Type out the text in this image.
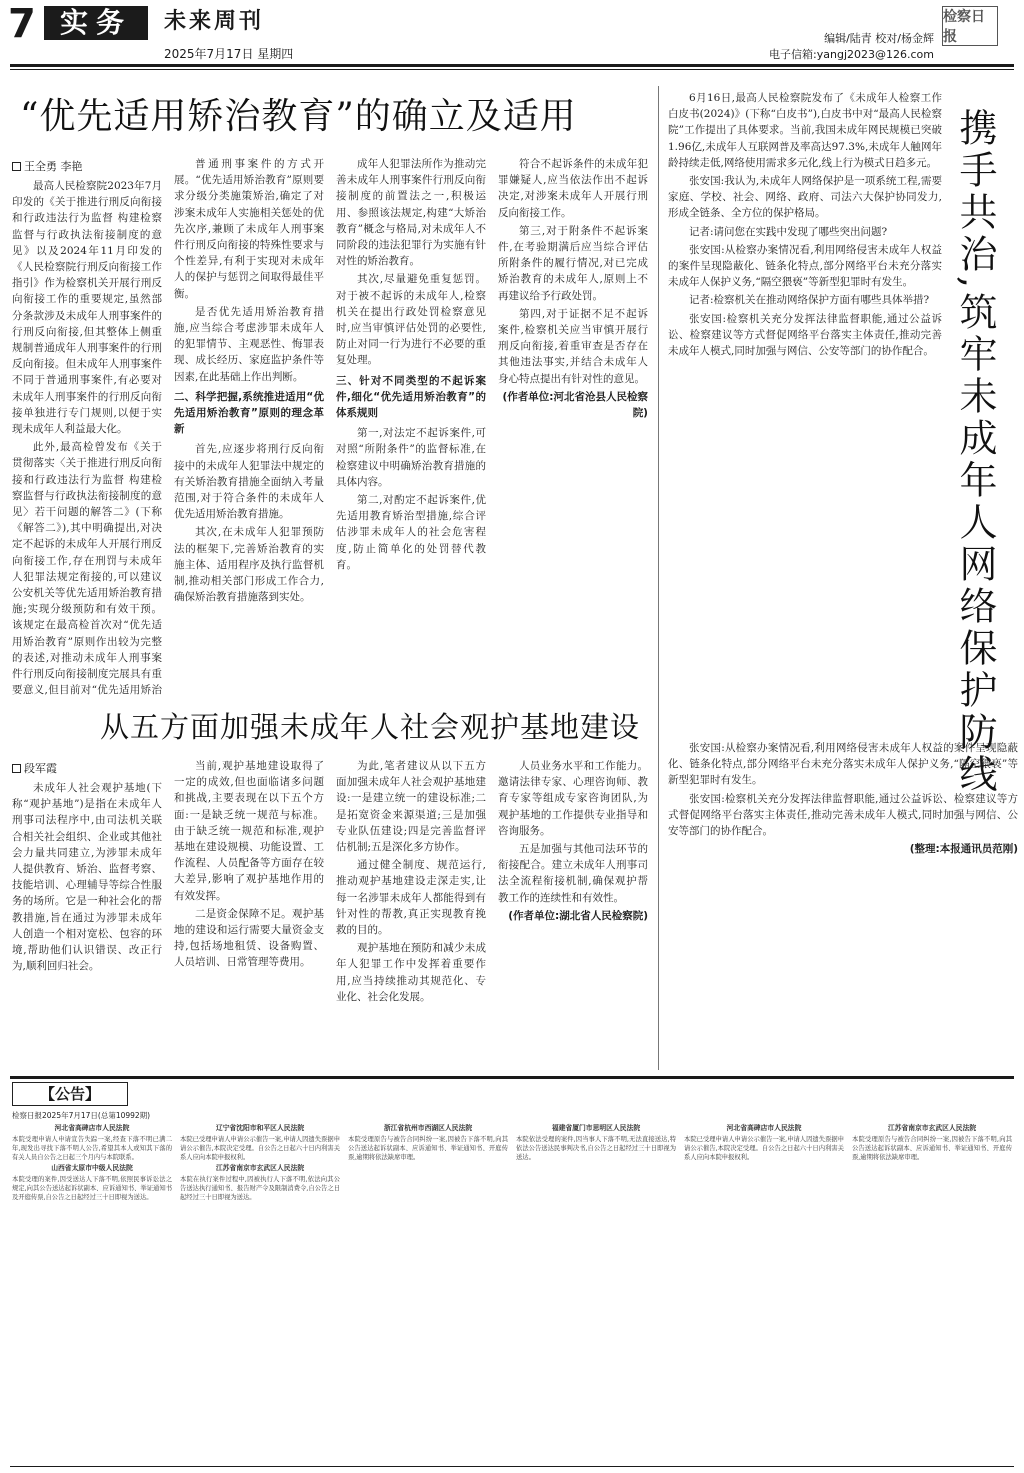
7 实务	未来周刊
2025年7月17日 星期四
编辑/陆青 校对/杨金辉
电子信箱:yangj2023@126.com
检察日报
“优先适用矫治教育”的确立及适用
王全勇 李艳

最高人民检察院2023年7月印发的《关于推进行刑反向衔接和行政违法行为监督 构建检察监督与行政执法衔接制度的意见》以及2024年11月印发的《人民检察院行刑反向衔接工作指引》作为检察机关开展行刑反向衔接工作的重要规定,虽然部分条款涉及未成年人刑事案件的行刑反向衔接,但其整体上侧重规制普通成年人刑事案件的行刑反向衔接。但未成年人刑事案件不同于普通刑事案件,有必要对未成年人刑事案件的行刑反向衔接单独进行专门规则,以便于实现未成年人利益最大化。

此外,最高检曾发布《关于贯彻落实〈关于推进行刑反向衔接和行政违法行为监督 构建检察监督与行政执法衔接制度的意见〉若干问题的解答二》(下称《解答二》),其中明确提出,对决定不起诉的未成年人开展行刑反向衔接工作,存在刑罚与未成年人犯罪法规定衔接的,可以建议公安机关等优先适用矫治教育措施;实现分级预防和有效干预。该规定在最高检首次对“优先适用矫治教育”原则作出较为完整的表述,对推动未成年人刑事案件行刑反向衔接制度完展具有重要意义,但目前对“优先适用矫治

普通刑事案件的方式开展。“优先适用矫治教育”原则要求分级分类施策矫治,确定了对涉案未成年人实施相关惩处的优先次序,兼顾了未成年人刑事案件行刑反向衔接的特殊性要求与个性差异,有利于实现对未成年人的保护与惩罚之间取得最佳平衡。

是否优先适用矫治教育措施,应当综合考虑涉罪未成年人的犯罪情节、主观恶性、悔罪表现、成长经历、家庭监护条件等因素,在此基础上作出判断。

二、科学把握,系统推进适用“优先适用矫治教育”原则的理念革新

首先,应逐步将刑行反向衔接中的未成年人犯罪法中规定的有关矫治教育措施全面纳入考量范围,对于符合条件的未成年人优先适用矫治教育措施。

其次,在未成年人犯罪预防法的框架下,完善矫治教育的实施主体、适用程序及执行监督机制,推动相关部门形成工作合力,确保矫治教育措施落到实处。

成年人犯罪法所作为推动完善未成年人刑事案件行刑反向衔接制度的前置法之一,积极运用、参照该法规定,构建“大矫治教育”概念与格局,对未成年人不同阶段的违法犯罪行为实施有针对性的矫治教育。

其次,尽量避免重复惩罚。对于被不起诉的未成年人,检察机关在提出行政处罚检察意见时,应当审慎评估处罚的必要性,防止对同一行为进行不必要的重复处理。

三、针对不同类型的不起诉案件,细化“优先适用矫治教育”的体系规则

第一,对法定不起诉案件,可对照“所附条件”的监督标准,在检察建议中明确矫治教育措施的具体内容。

第二,对酌定不起诉案件,优先适用教育矫治型措施,综合评估涉罪未成年人的社会危害程度,防止简单化的处罚替代教育。

符合不起诉条件的未成年犯罪嫌疑人,应当依法作出不起诉决定,对涉案未成年人开展行刑反向衔接工作。

第三,对于附条件不起诉案件,在考验期满后应当综合评估所附条件的履行情况,对已完成矫治教育的未成年人,原则上不再建议给予行政处罚。

第四,对于证据不足不起诉案件,检察机关应当审慎开展行刑反向衔接,着重审查是否存在其他违法事实,并结合未成年人身心特点提出有针对性的意见。

(作者单位:河北省沧县人民检察院)

6月16日,最高人民检察院发布了《未成年人检察工作白皮书(2024)》(下称“白皮书”),白皮书中对“最高人民检察院”工作提出了具体要求。当前,我国未成年网民规模已突破1.96亿,未成年人互联网普及率高达97.3%,未成年人触网年龄持续走低,网络使用需求多元化,线上行为模式日趋多元。

张安国:我认为,未成年人网络保护是一项系统工程,需要家庭、学校、社会、网络、政府、司法六大保护协同发力,形成全链条、全方位的保护格局。

记者:请问您在实践中发现了哪些突出问题?

张安国:从检察办案情况看,利用网络侵害未成年人权益的案件呈现隐蔽化、链条化特点,部分网络平台未充分落实未成年人保护义务,“隔空猥亵”等新型犯罪时有发生。

记者:检察机关在推动网络保护方面有哪些具体举措?

张安国:检察机关充分发挥法律监督职能,通过公益诉讼、检察建议等方式督促网络平台落实主体责任,推动完善未成年人模式,同时加强与网信、公安等部门的协作配合。 携手共治,筑牢未成年人网络保护防线

张安国:从检察办案情况看,利用网络侵害未成年人权益的案件呈现隐蔽化、链条化特点,部分网络平台未充分落实未成年人保护义务,“隔空猥亵”等新型犯罪时有发生。

张安国:检察机关充分发挥法律监督职能,通过公益诉讼、检察建议等方式督促网络平台落实主体责任,推动完善未成年人模式,同时加强与网信、公安等部门的协作配合。

(整理:本报通讯员范刚)

从五方面加强未成年人社会观护基地建设
段军霞

未成年人社会观护基地(下称“观护基地”)是指在未成年人刑事司法程序中,由司法机关联合相关社会组织、企业或其他社会力量共同建立,为涉罪未成年人提供教育、矫治、监督考察、技能培训、心理辅导等综合性服务的场所。它是一种社会化的帮教措施,旨在通过为涉罪未成年人创造一个相对宽松、包容的环境,帮助他们认识错误、改正行为,顺利回归社会。

当前,观护基地建设取得了一定的成效,但也面临诸多问题和挑战,主要表现在以下五个方面:一是缺乏统一规范与标准。由于缺乏统一规范和标准,观护基地在建设规模、功能设置、工作流程、人员配备等方面存在较大差异,影响了观护基地作用的有效发挥。

二是资金保障不足。观护基地的建设和运行需要大量资金支持,包括场地租赁、设备购置、人员培训、日常管理等费用。

为此,笔者建议从以下五方面加强未成年人社会观护基地建设:一是建立统一的建设标准;二是拓宽资金来源渠道;三是加强专业队伍建设;四是完善监督评估机制;五是深化多方协作。

通过健全制度、规范运行,推动观护基地建设走深走实,让每一名涉罪未成年人都能得到有针对性的帮教,真正实现教育挽救的目的。

观护基地在预防和减少未成年人犯罪工作中发挥着重要作用,应当持续推动其规范化、专业化、社会化发展。

人员业务水平和工作能力。邀请法律专家、心理咨询师、教育专家等组成专家咨询团队,为观护基地的工作提供专业指导和咨询服务。

五是加强与其他司法环节的衔接配合。建立未成年人刑事司法全流程衔接机制,确保观护帮教工作的连续性和有效性。

(作者单位:湖北省人民检察院)

【公告】
检察日报2025年7月17日(总第10992期)
河北省高碑店市人民法院
本院受理申请人申请宣告失踪一案,经查下落不明已满二年,现发出寻找下落不明人公告,希望其本人或知其下落的有关人员自公告之日起三个月内与本院联系。
山西省太原市中级人民法院
本院受理的案件,因受送达人下落不明,依照民事诉讼法之规定,向其公告送达起诉状副本、应诉通知书、举证通知书及开庭传票,自公告之日起经过三十日即视为送达。
辽宁省沈阳市和平区人民法院
本院已受理申请人申请公示催告一案,申请人因遗失票据申请公示催告,本院决定受理。自公告之日起六十日内利害关系人应向本院申报权利。
江苏省南京市玄武区人民法院
本院在执行案件过程中,因被执行人下落不明,依法向其公告送达执行通知书、报告财产令及限制消费令,自公告之日起经过三十日即视为送达。
浙江省杭州市西湖区人民法院
本院受理原告与被告合同纠纷一案,因被告下落不明,向其公告送达起诉状副本、应诉通知书、举证通知书、开庭传票,逾期将依法缺席审理。
福建省厦门市思明区人民法院
本院依法受理的案件,因当事人下落不明,无法直接送达,特依法公告送达民事判决书,自公告之日起经过三十日即视为送达。
河北省高碑店市人民法院
本院已受理申请人申请公示催告一案,申请人因遗失票据申请公示催告,本院决定受理。自公告之日起六十日内利害关系人应向本院申报权利。
江苏省南京市玄武区人民法院
本院受理原告与被告合同纠纷一案,因被告下落不明,向其公告送达起诉状副本、应诉通知书、举证通知书、开庭传票,逾期将依法缺席审理。
